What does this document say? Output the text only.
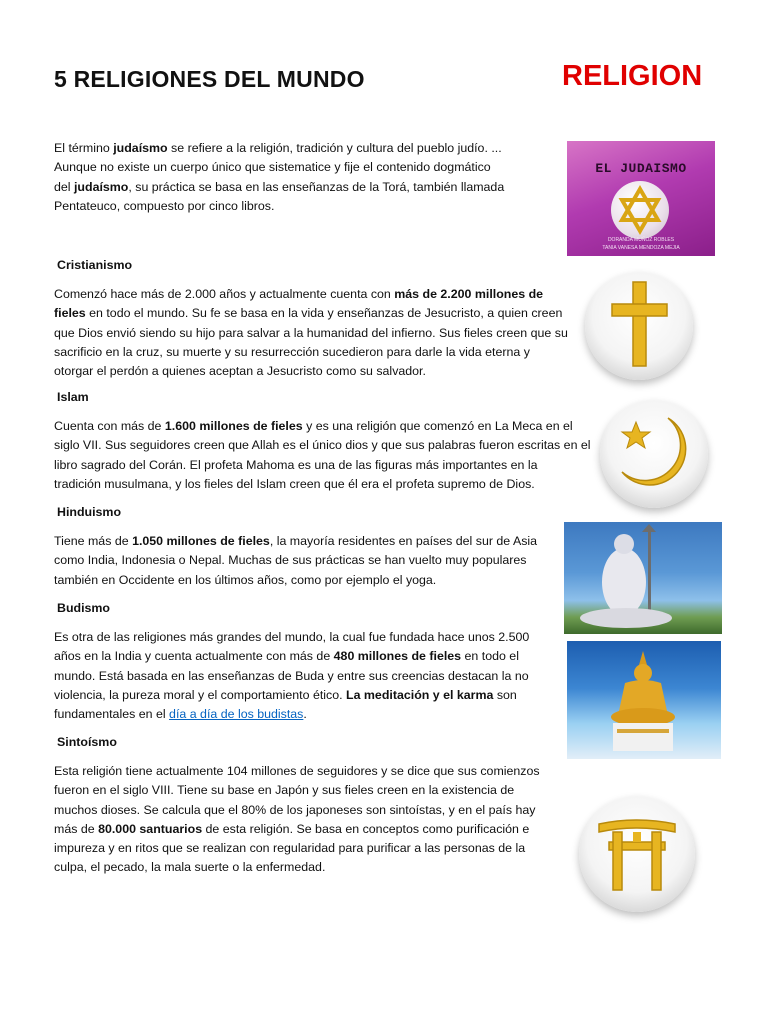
5 RELIGIONES DEL MUNDO	RELIGION
El término judaísmo se refiere a la religión, tradición y cultura del pueblo judío. ...
Aunque no existe un cuerpo único que sistematice y fije el contenido dogmático
del judaísmo, su práctica se basa en las enseñanzas de la Torá, también llamada
Pentateuco, compuesto por cinco libros.
EL JUDAISMO
DORANDA MUÑOZ ROBLES
TANIA VANESA MENDOZA MEJIA
Cristianismo
Comenzó hace más de 2.000 años y actualmente cuenta con más de 2.200 millones de
fieles en todo el mundo. Su fe se basa en la vida y enseñanzas de Jesucristo, a quien creen
que Dios envió siendo su hijo para salvar a la humanidad del infierno. Sus fieles creen que su
sacrificio en la cruz, su muerte y su resurrección sucedieron para darle la vida eterna y
otorgar el perdón a quienes aceptan a Jesucristo como su salvador.
Islam
Cuenta con más de 1.600 millones de fieles y es una religión que comenzó en La Meca en el
siglo VII. Sus seguidores creen que Allah es el único dios y que sus palabras fueron escritas en el
libro sagrado del Corán. El profeta Mahoma es una de las figuras más importantes en la
tradición musulmana, y los fieles del Islam creen que él era el profeta supremo de Dios.
Hinduismo
Tiene más de 1.050 millones de fieles, la mayoría residentes en países del sur de Asia
como India, Indonesia o Nepal. Muchas de sus prácticas se han vuelto muy populares
también en Occidente en los últimos años, como por ejemplo el yoga.
Budismo
Es otra de las religiones más grandes del mundo, la cual fue fundada hace unos 2.500
años en la India y cuenta actualmente con más de 480 millones de fieles en todo el
mundo. Está basada en las enseñanzas de Buda y entre sus creencias destacan la no
violencia, la pureza moral y el comportamiento ético. La meditación y el karma son
fundamentales en el día a día de los budistas.
Sintoísmo
Esta religión tiene actualmente 104 millones de seguidores y se dice que sus comienzos
fueron en el siglo VIII. Tiene su base en Japón y sus fieles creen en la existencia de
muchos dioses. Se calcula que el 80% de los japoneses son sintoístas, y en el país hay
más de 80.000 santuarios de esta religión. Se basa en conceptos como purificación e
impureza y en ritos que se realizan con regularidad para purificar a las personas de la
culpa, el pecado, la mala suerte o la enfermedad.
